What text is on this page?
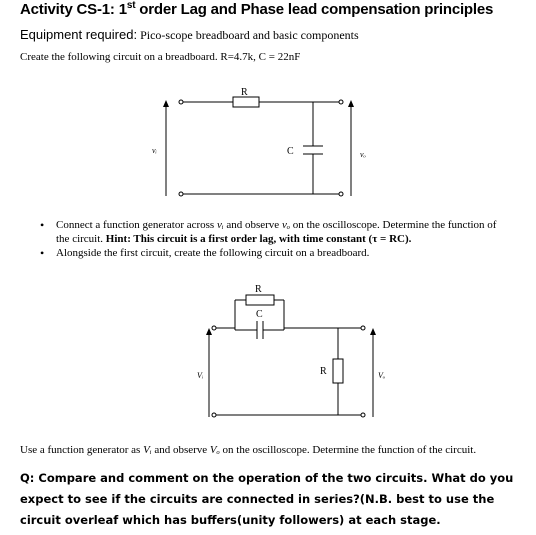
Activity CS-1: 1st order Lag and Phase lead compensation principles
Equipment required: Pico-scope breadboard and basic components
Create the following circuit on a breadboard. R=4.7k, C = 22nF
R
C
vᵢ	vₒ
• Connect a function generator across vᵢ and observe vₒ on the oscilloscope. Determine the function of the circuit. Hint: This circuit is a first order lag, with time constant (τ = RC).
• Alongside the first circuit, create the following circuit on a breadboard.
R
C
R
Vᵢ	Vₒ
Use a function generator as Vᵢ and observe Vₒ on the oscilloscope. Determine the function of the circuit.
Q: Compare and comment on the operation of the two circuits. What do you expect to see if the circuits are connected in series?(N.B. best to use the circuit overleaf which has buffers(unity followers) at each stage.
